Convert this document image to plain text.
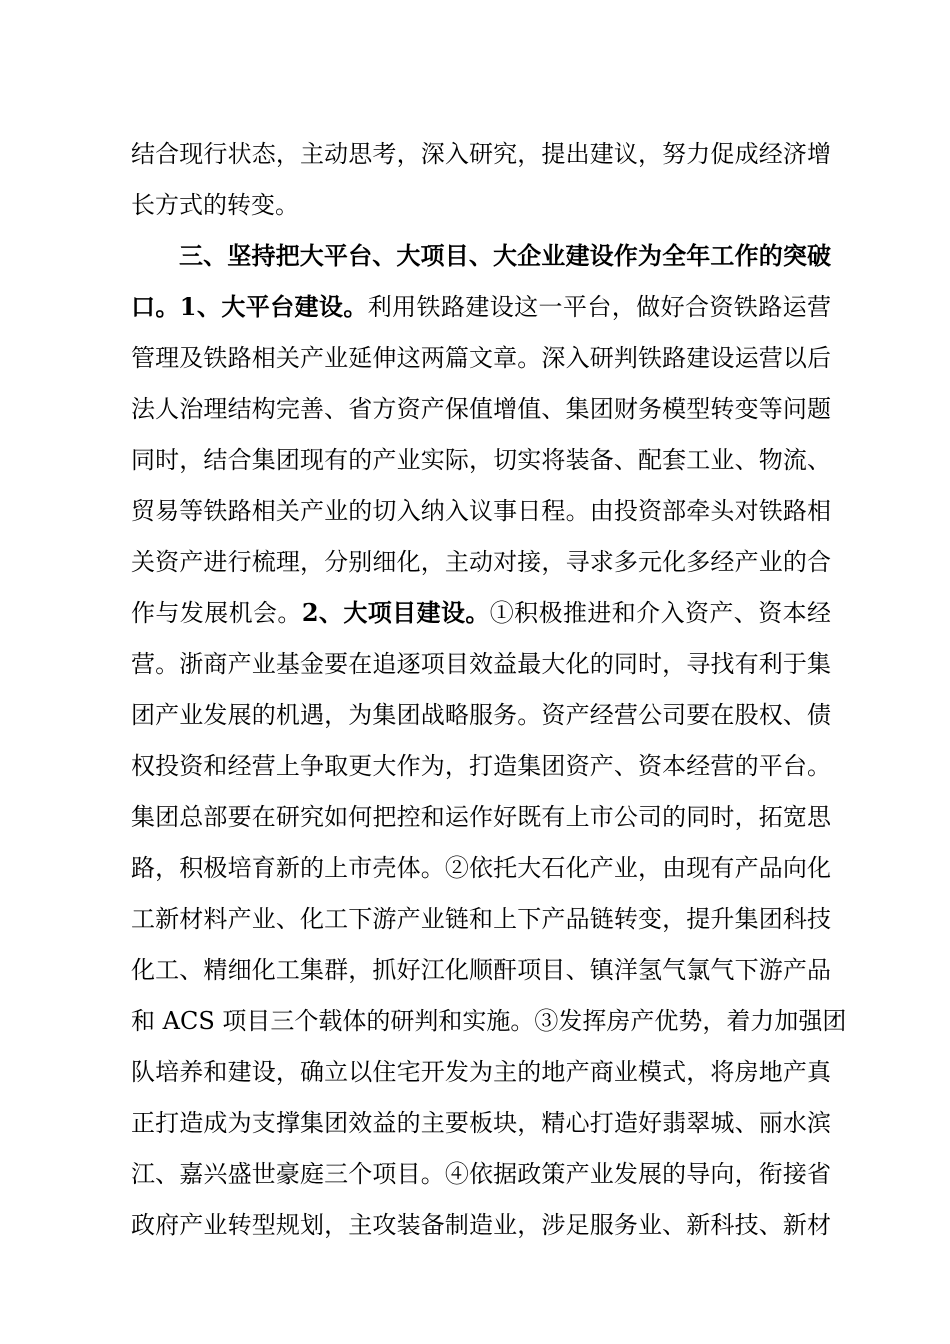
结合现行状态，主动思考，深入研究，提出建议，努力促成经济增
长方式的转变。
三、坚持把大平台、大项目、大企业建设作为全年工作的突破
口。1、大平台建设。利用铁路建设这一平台，做好合资铁路运营
管理及铁路相关产业延伸这两篇文章。深入研判铁路建设运营以后
法人治理结构完善、省方资产保值增值、集团财务模型转变等问题
同时，结合集团现有的产业实际，切实将装备、配套工业、物流、
贸易等铁路相关产业的切入纳入议事日程。由投资部牵头对铁路相
关资产进行梳理，分别细化，主动对接，寻求多元化多经产业的合
作与发展机会。2、大项目建设。①积极推进和介入资产、资本经
营。浙商产业基金要在追逐项目效益最大化的同时，寻找有利于集
团产业发展的机遇，为集团战略服务。资产经营公司要在股权、债
权投资和经营上争取更大作为，打造集团资产、资本经营的平台。
集团总部要在研究如何把控和运作好既有上市公司的同时，拓宽思
路，积极培育新的上市壳体。②依托大石化产业，由现有产品向化
工新材料产业、化工下游产业链和上下产品链转变，提升集团科技
化工、精细化工集群，抓好江化顺酐项目、镇洋氢气氯气下游产品
和 ACS 项目三个载体的研判和实施。③发挥房产优势，着力加强团
队培养和建设，确立以住宅开发为主的地产商业模式，将房地产真
正打造成为支撑集团效益的主要板块，精心打造好翡翠城、丽水滨
江、嘉兴盛世豪庭三个项目。④依据政策产业发展的导向，衔接省
政府产业转型规划，主攻装备制造业，涉足服务业、新科技、新材
